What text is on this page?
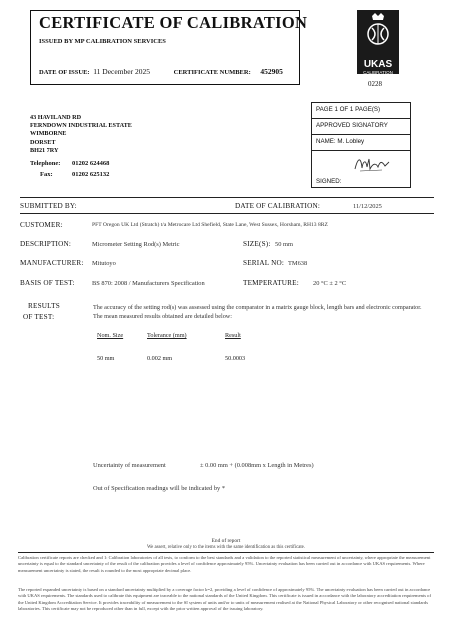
CERTIFICATE OF CALIBRATION
ISSUED BY MP CALIBRATION SERVICES
DATE OF ISSUE: 11 December 2025	CERTIFICATE NUMBER: 452905
UKAS
CALIBRATION
0228
43 HAVILAND RD
FERNDOWN INDUSTRIAL ESTATE
WIMBORNE
DORSET
BH21 7RY
Telephone: 01202 624468
Fax:	01202 625132
PAGE 1 OF 1 PAGE(S)
APPROVED SIGNATORY
NAME: M. Lobley
SIGNED:
SUBMITTED BY:	DATE OF CALIBRATION:	11/12/2025
CUSTOMER:	PFT Oregon UK Ltd (Stratch) t/a Metrocare Ltd Shefield, State Lane, West Sussex, Horsham, RH13 8RZ
DESCRIPTION:	Micrometer Setting Rod(s) Metric	SIZE(S): 50 mm
MANUFACTURER: Mitutoyo	SERIAL NO: TM638
BASIS OF TEST:	BS 870: 2008 / Manufacturers Specification	TEMPERATURE: 20 °C ± 2 °C
RESULTS
OF TEST:
The accuracy of the setting rod(s) was assessed using the comparator in a matrix gauge block, length bars and electronic comparator. The mean measured results obtained are detailed below:
Nom. Size	Tolerance (mm)	Result

50 mm	0.002 mm	50.0003
Uncertainty of measurement	± 0.00 mm + (0.008mm x Length in Metres)
Out of Specification readings will be indicated by *
End of report
We assert, relative only to the items with the same identification as this certificate.
Calibration certificate reports are checked and 1: Calibration laboratories of all tests, to conform to the best standards and a validation to the reported statistical measurement of uncertainty, where appropriate the measurement uncertainty is equal to the standard uncertainty of the result of the calibration provides a level of confidence approximately 95%. Uncertainty evaluation has been carried out in accordance with UKAS requirements. Where measurement uncertainty is stated, the result is rounded to the most appropriate decimal place.
The reported expanded uncertainty is based on a standard uncertainty multiplied by a coverage factor k=2, providing a level of confidence of approximately 95%. The uncertainty evaluation has been carried out in accordance with UKAS requirements. The standards used to calibrate this equipment are traceable to the national standards of the United Kingdom. This certificate is issued in accordance with the laboratory accreditation requirements of the United Kingdom Accreditation Service. It provides traceability of measurement to the SI system of units and/or to units of measurement realised at the National Physical Laboratory or other recognised national standards laboratories. This certificate may not be reproduced other than in full, except with the prior written approval of the issuing laboratory.
